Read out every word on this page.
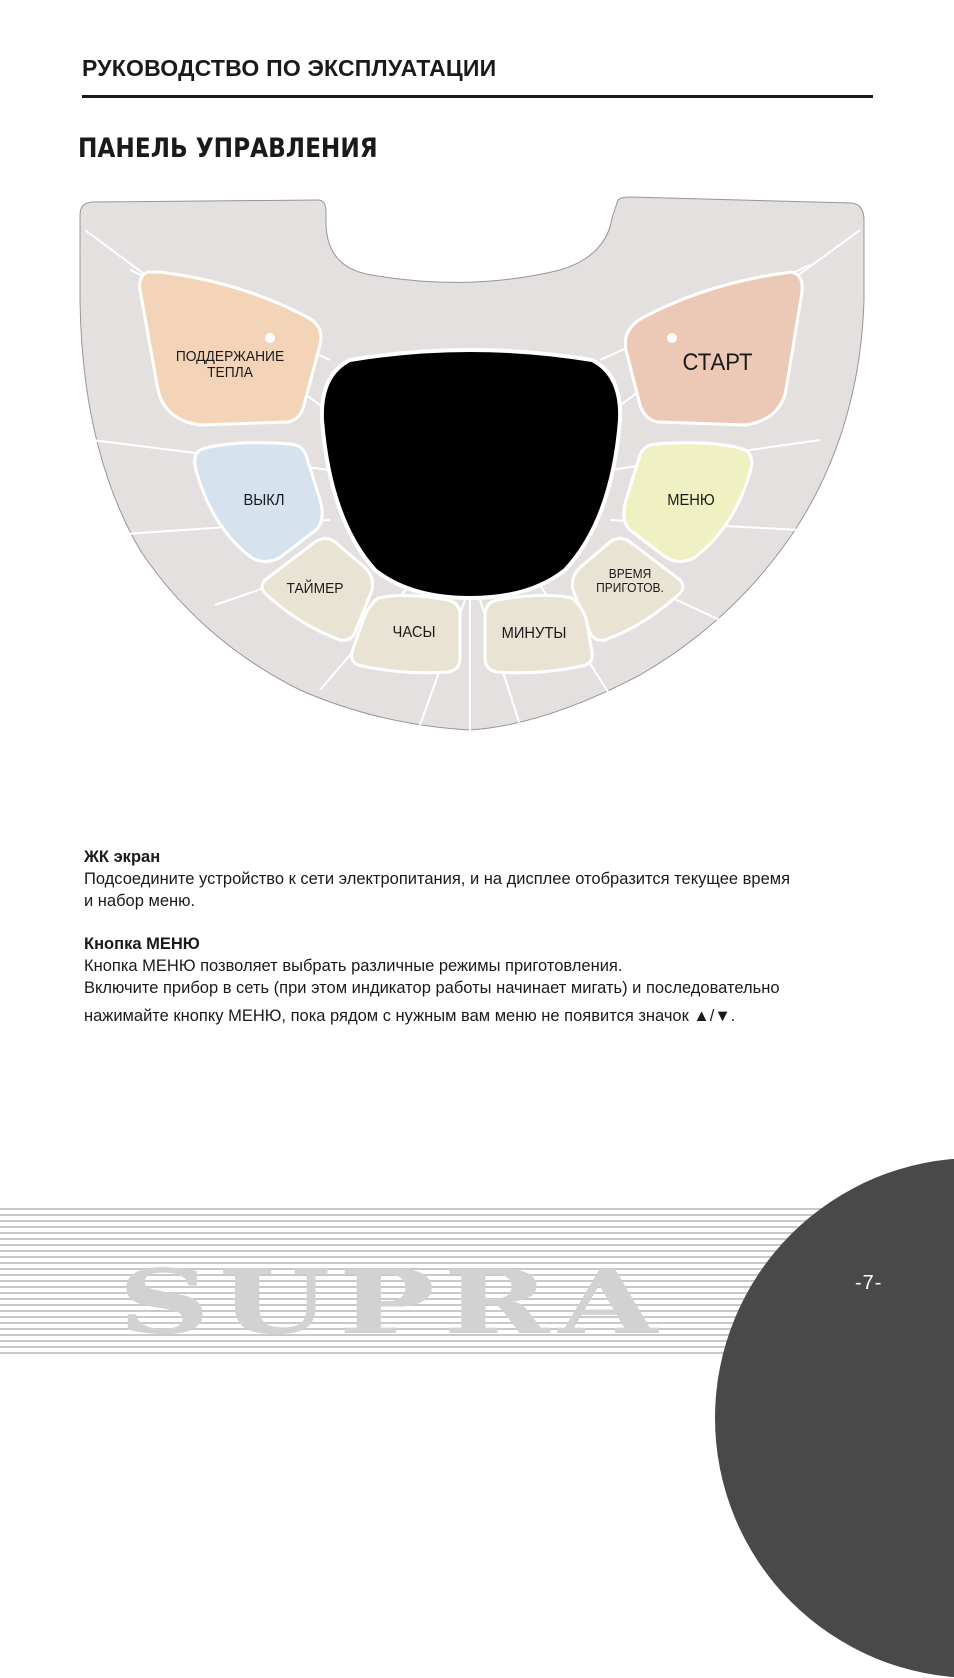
РУКОВОДСТВО ПО ЭКСПЛУАТАЦИИ
ПАНЕЛЬ УПРАВЛЕНИЯ
ПОДДЕРЖАНИЕ
ТЕПЛА	СТАРТ
ВЫКЛ	МЕНЮ
ТАЙМЕР
ВРЕМЯ
ПРИГОТОВ.
ЧАСЫ	МИНУТЫ
ЖК экран
Подсоедините устройство к сети электропитания, и на дисплее отобразится текущее время
и набор меню.
Кнопка МЕНЮ
Кнопка МЕНЮ позволяет выбрать различные режимы приготовления.
Включите прибор в сеть (при этом индикатор работы начинает мигать) и последовательно
нажимайте кнопку МЕНЮ, пока рядом с нужным вам меню не появится значок ▲/▼.
SUPRA	-7-
